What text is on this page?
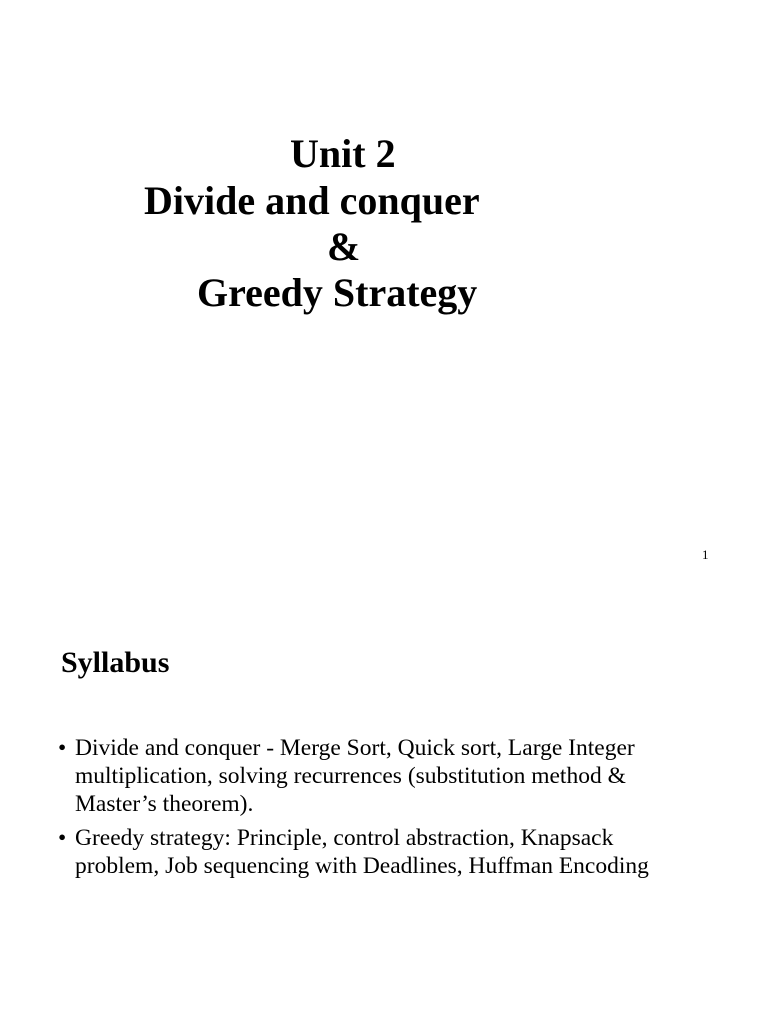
Unit 2
Divide and conquer
&
Greedy Strategy
1
Syllabus
• Divide and conquer - Merge Sort, Quick sort, Large Integer
multiplication, solving recurrences (substitution method &
Master’s theorem).
• Greedy strategy: Principle, control abstraction, Knapsack
problem, Job sequencing with Deadlines, Huffman Encoding
